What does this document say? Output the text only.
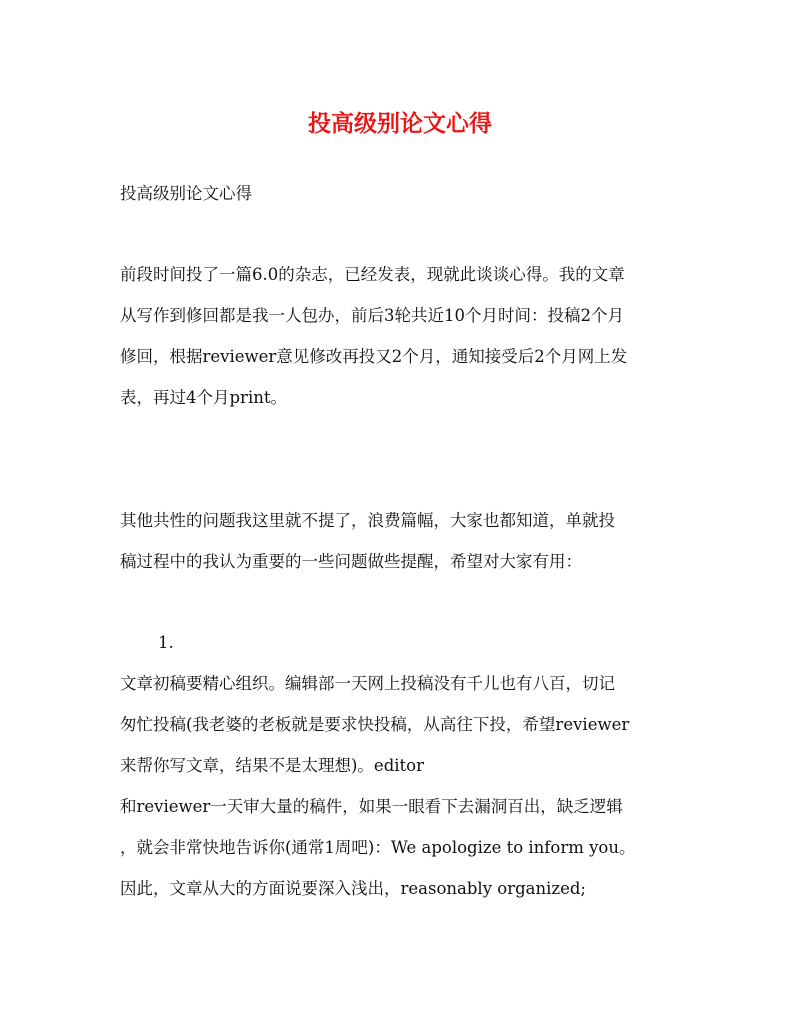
投高级别论文心得
投高级别论文心得
前段时间投了一篇6.0的杂志，已经发表，现就此谈谈心得。我的文章
从写作到修回都是我一人包办，前后3轮共近10个月时间：投稿2个月
修回，根据reviewer意见修改再投又2个月，通知接受后2个月网上发
表，再过4个月print。
其他共性的问题我这里就不提了，浪费篇幅，大家也都知道，单就投
稿过程中的我认为重要的一些问题做些提醒，希望对大家有用：
1.
文章初稿要精心组织。编辑部一天网上投稿没有千儿也有八百，切记
匆忙投稿(我老婆的老板就是要求快投稿，从高往下投，希望reviewer
来帮你写文章，结果不是太理想)。editor
和reviewer一天审大量的稿件，如果一眼看下去漏洞百出，缺乏逻辑
，就会非常快地告诉你(通常1周吧)：We apologize to inform you。
因此，文章从大的方面说要深入浅出，reasonably organized;
